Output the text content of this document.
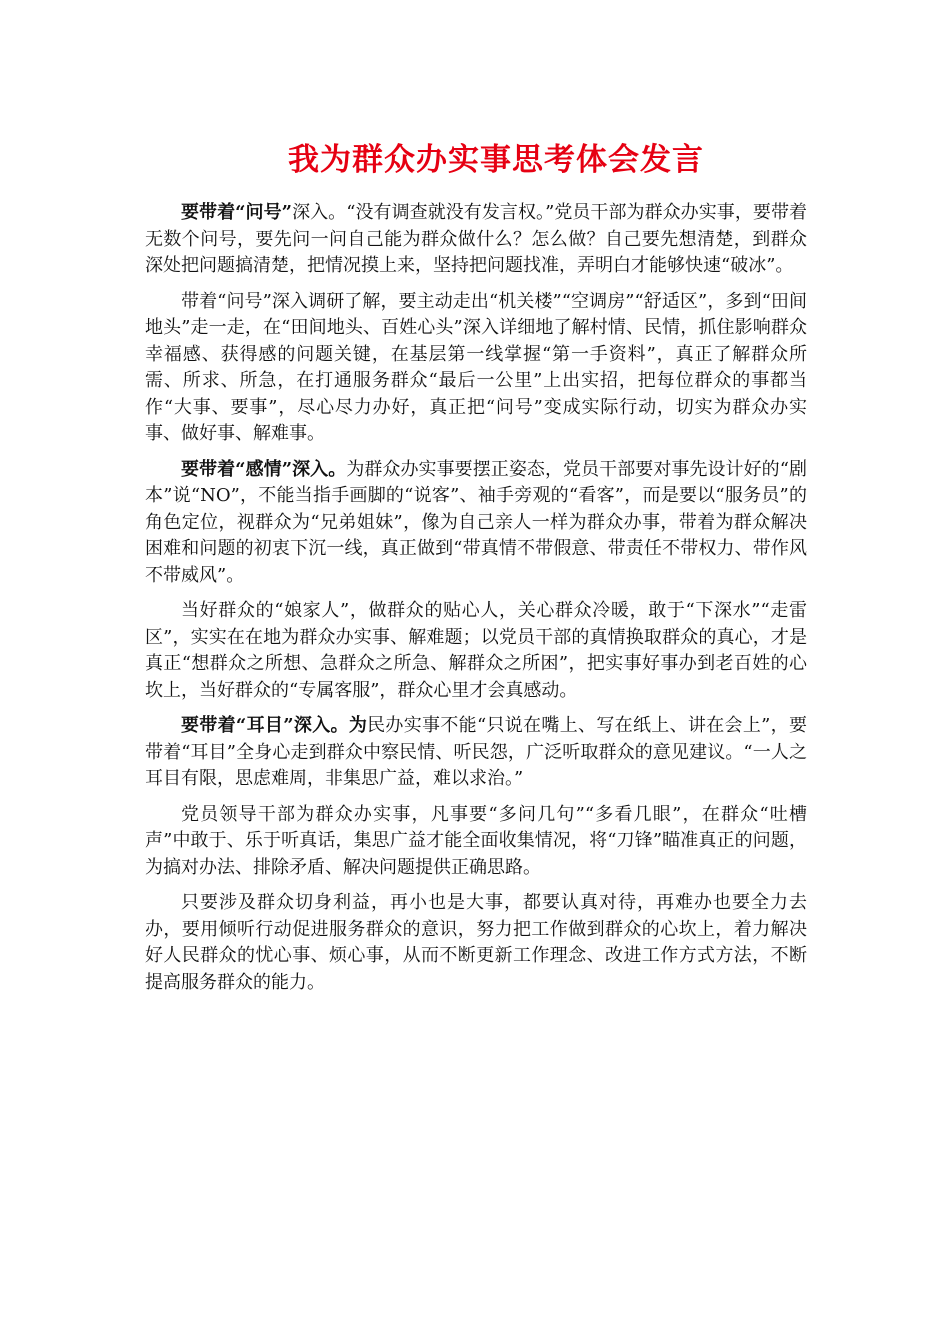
我为群众办实事思考体会发言

要带着“问号”深入。“没有调查就没有发言权。”党员干部为群众办实事，要带着无数个问号，要先问一问自己能为群众做什么？怎么做？自己要先想清楚，到群众深处把问题搞清楚，把情况摸上来，坚持把问题找准，弄明白才能够快速“破冰”。

带着“问号”深入调研了解，要主动走出“机关楼”“空调房”“舒适区”，多到“田间地头”走一走，在“田间地头、百姓心头”深入详细地了解村情、民情，抓住影响群众幸福感、获得感的问题关键，在基层第一线掌握“第一手资料”，真正了解群众所需、所求、所急，在打通服务群众“最后一公里”上出实招，把每位群众的事都当作“大事、要事”，尽心尽力办好，真正把“问号”变成实际行动，切实为群众办实事、做好事、解难事。

要带着“感情”深入。为群众办实事要摆正姿态，党员干部要对事先设计好的“剧本”说“NO”，不能当指手画脚的“说客”、袖手旁观的“看客”，而是要以“服务员”的角色定位，视群众为“兄弟姐妹”，像为自己亲人一样为群众办事，带着为群众解决困难和问题的初衷下沉一线，真正做到“带真情不带假意、带责任不带权力、带作风不带威风”。

当好群众的“娘家人”，做群众的贴心人，关心群众冷暖，敢于“下深水”“走雷区”，实实在在地为群众办实事、解难题；以党员干部的真情换取群众的真心，才是真正“想群众之所想、急群众之所急、解群众之所困”，把实事好事办到老百姓的心坎上，当好群众的“专属客服”，群众心里才会真感动。

要带着“耳目”深入。为民办实事不能“只说在嘴上、写在纸上、讲在会上”，要带着“耳目”全身心走到群众中察民情、听民怨，广泛听取群众的意见建议。“一人之耳目有限，思虑难周，非集思广益，难以求治。”

党员领导干部为群众办实事，凡事要“多问几句”“多看几眼”，在群众“吐槽声”中敢于、乐于听真话，集思广益才能全面收集情况，将“刀锋”瞄准真正的问题，为搞对办法、排除矛盾、解决问题提供正确思路。

只要涉及群众切身利益，再小也是大事，都要认真对待，再难办也要全力去办，要用倾听行动促进服务群众的意识，努力把工作做到群众的心坎上，着力解决好人民群众的忧心事、烦心事，从而不断更新工作理念、改进工作方式方法，不断提高服务群众的能力。
